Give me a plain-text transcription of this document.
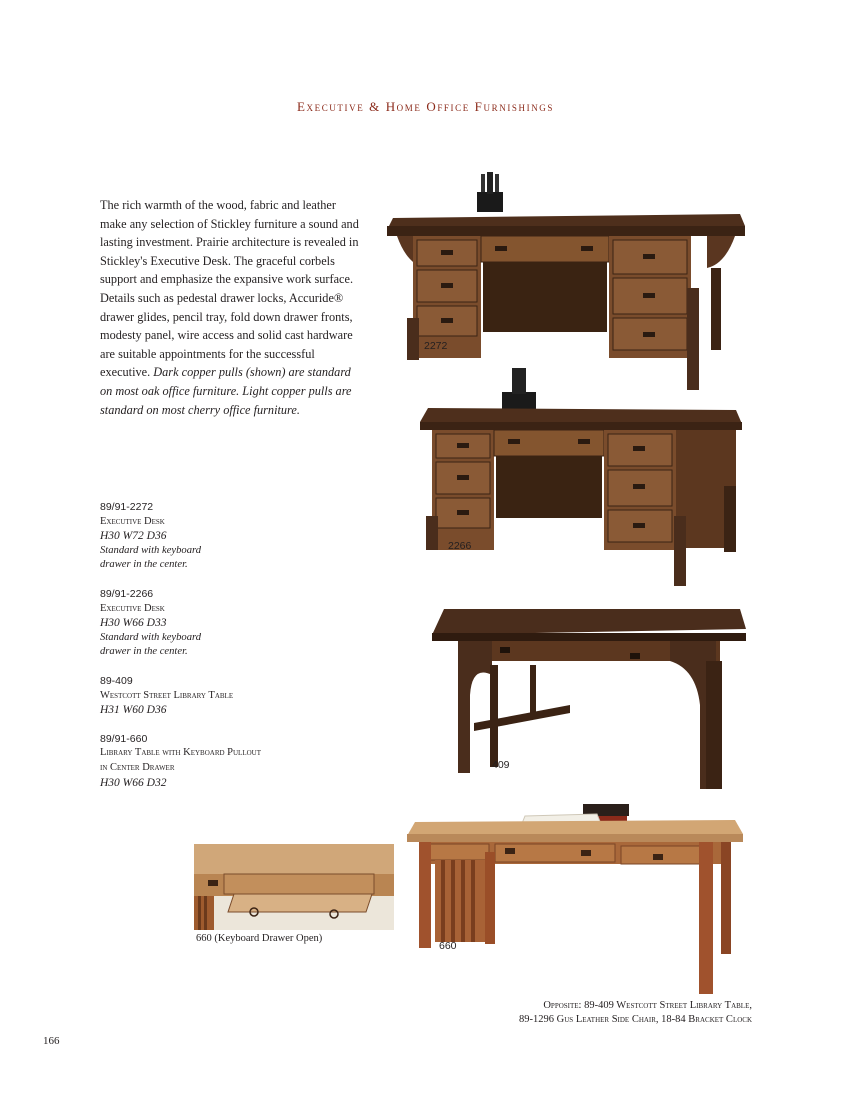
Executive & Home Office Furnishings
The rich warmth of the wood, fabric and leather make any selection of Stickley furniture a sound and lasting investment. Prairie architecture is revealed in Stickley's Executive Desk. The graceful corbels support and emphasize the expansive work surface. Details such as pedestal drawer locks, Accuride® drawer glides, pencil tray, fold down drawer fronts, modesty panel, wire access and solid cast hardware are suitable appointments for the successful executive. Dark copper pulls (shown) are standard on most oak office furniture. Light copper pulls are standard on most cherry office furniture.
89/91-2272
Executive Desk
H30 W72 D36
Standard with keyboard
drawer in the center.
89/91-2266
Executive Desk
H30 W66 D33
Standard with keyboard
drawer in the center.
89-409
Westcott Street Library Table
H31 W60 D36
89/91-660
Library Table with Keyboard Pullout
in Center Drawer
H30 W66 D32
2272
2266
409
660 (Keyboard Drawer Open)
660
Opposite: 89-409 Westcott Street Library Table,
89-1296 Gus Leather Side Chair, 18-84 Bracket Clock
166
